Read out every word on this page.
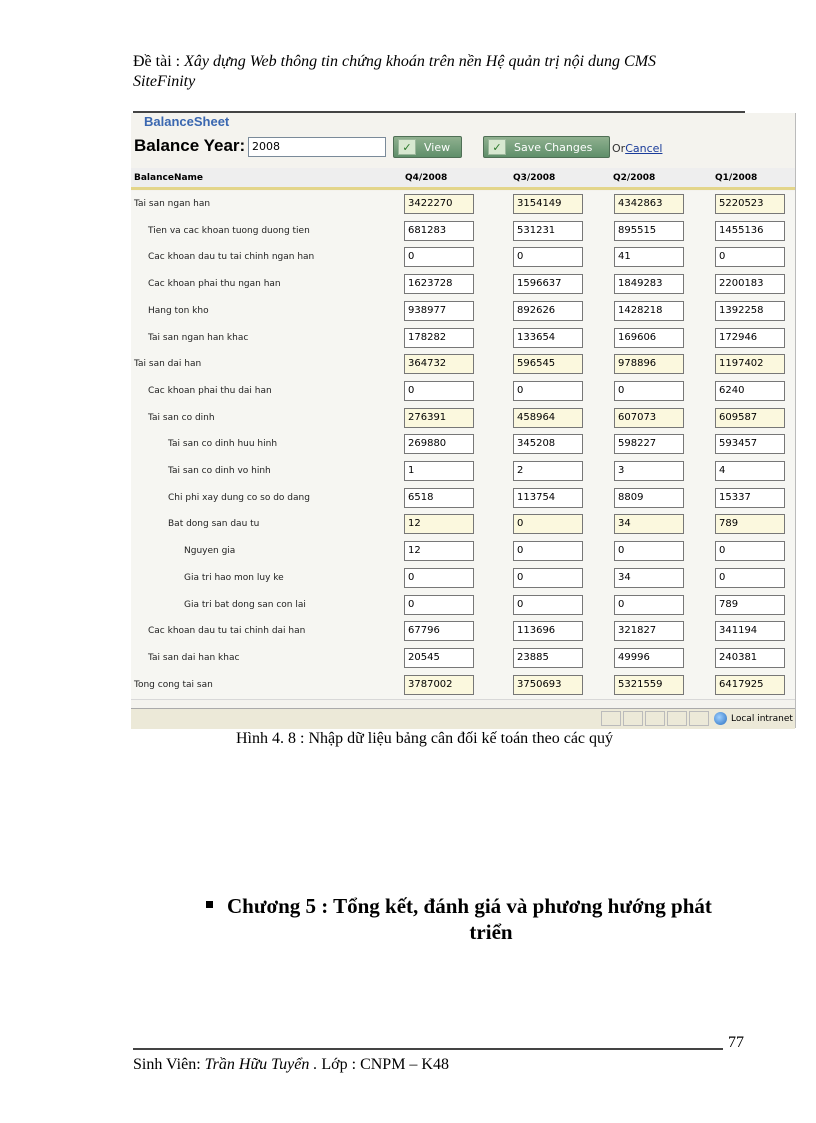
Đề tài : Xây dựng Web thông tin chứng khoán trên nền Hệ quản trị nội dung CMS
SiteFinity
BalanceSheet
Balance Year: 2008	✓	View	✓	Save Changes OrCancel
BalanceName	Q4/2008	Q3/2008	Q2/2008	Q1/2008
Tai san ngan han	3422270	3154149	4342863	5220523
Tien va cac khoan tuong duong tien	681283	531231	895515	1455136
Cac khoan dau tu tai chinh ngan han	0	0	41	0
Cac khoan phai thu ngan han	1623728	1596637	1849283	2200183
Hang ton kho	938977	892626	1428218	1392258
Tai san ngan han khac	178282	133654	169606	172946
Tai san dai han	364732	596545	978896	1197402
Cac khoan phai thu dai han	0	0	0	6240
Tai san co dinh	276391	458964	607073	609587
Tai san co dinh huu hinh	269880	345208	598227	593457
Tai san co dinh vo hinh	1	2	3	4
Chi phi xay dung co so do dang	6518	113754	8809	15337
Bat dong san dau tu	12	0	34	789
Nguyen gia	12	0	0	0
Gia tri hao mon luy ke	0	0	34	0
Gia tri bat dong san con lai	0	0	0	789
Cac khoan dau tu tai chinh dai han	67796	113696	321827	341194
Tai san dai han khac	20545	23885	49996	240381
Tong cong tai san	3787002	3750693	5321559	6417925
Local intranet
Hình 4. 8 : Nhập dữ liệu bảng cân đối kế toán theo các quý
Chương 5 : Tổng kết, đánh giá và phương hướng phát
triển
77
Sinh Viên: Trần Hữu Tuyển . Lớp : CNPM – K48
